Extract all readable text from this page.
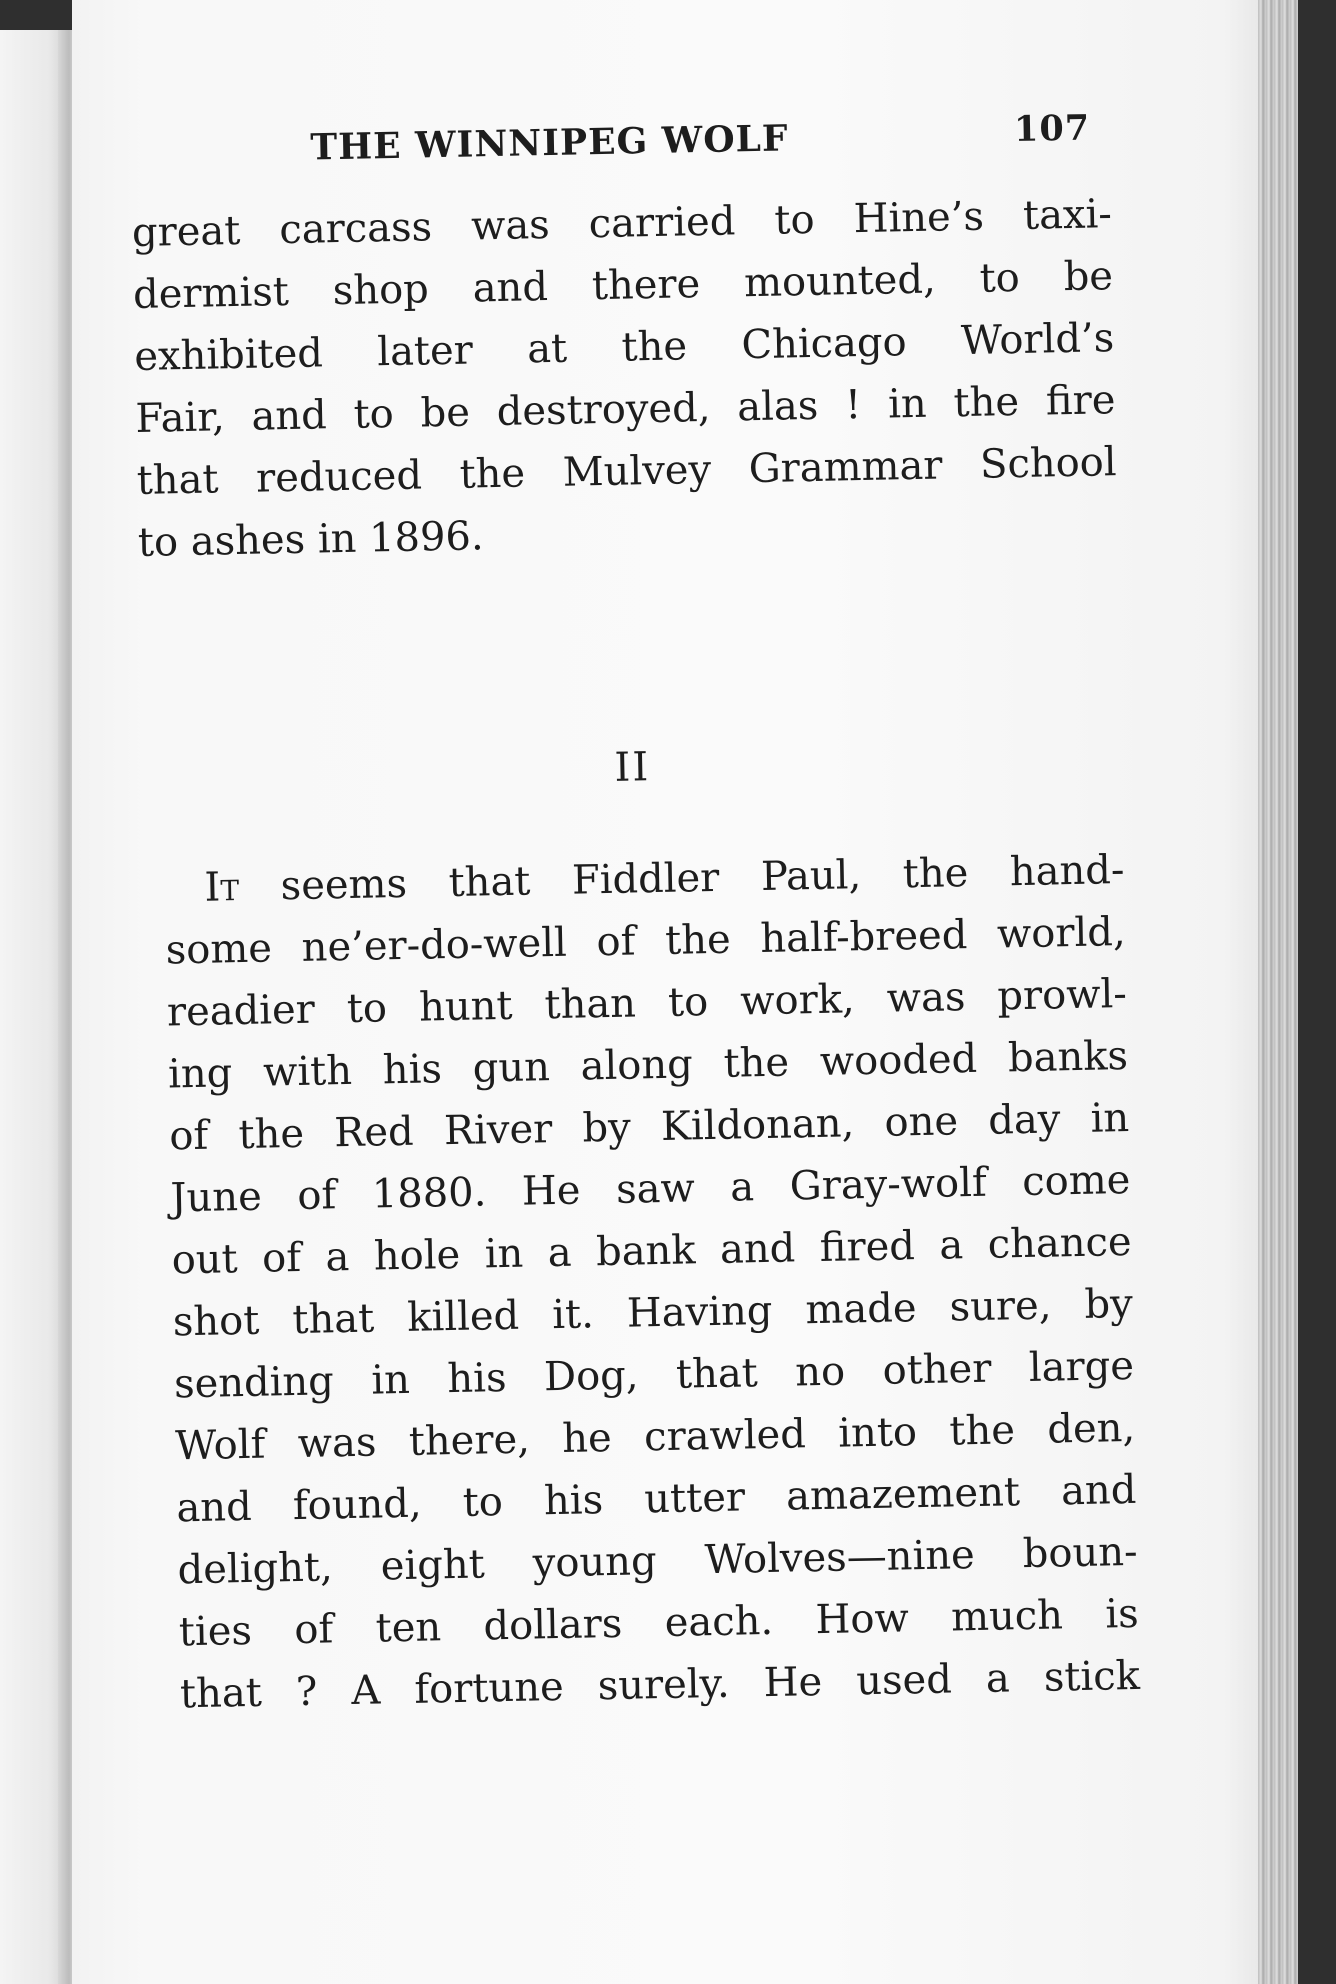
THE WINNIPEG WOLF	107
great carcass was carried to Hine’s taxi-
dermist shop and there mounted, to be
exhibited later at the Chicago World’s
Fair, and to be destroyed, alas ! in the fire
that reduced the Mulvey Grammar School
to ashes in 1896.
II
It seems that Fiddler Paul, the hand-
some ne’er-do-well of the half-breed world,
readier to hunt than to work, was prowl-
ing with his gun along the wooded banks
of the Red River by Kildonan, one day in
June of 1880. He saw a Gray-wolf come
out of a hole in a bank and fired a chance
shot that killed it. Having made sure, by
sending in his Dog, that no other large
Wolf was there, he crawled into the den,
and found, to his utter amazement and
delight, eight young Wolves—nine boun-
ties of ten dollars each. How much is
that ? A fortune surely. He used a stick
